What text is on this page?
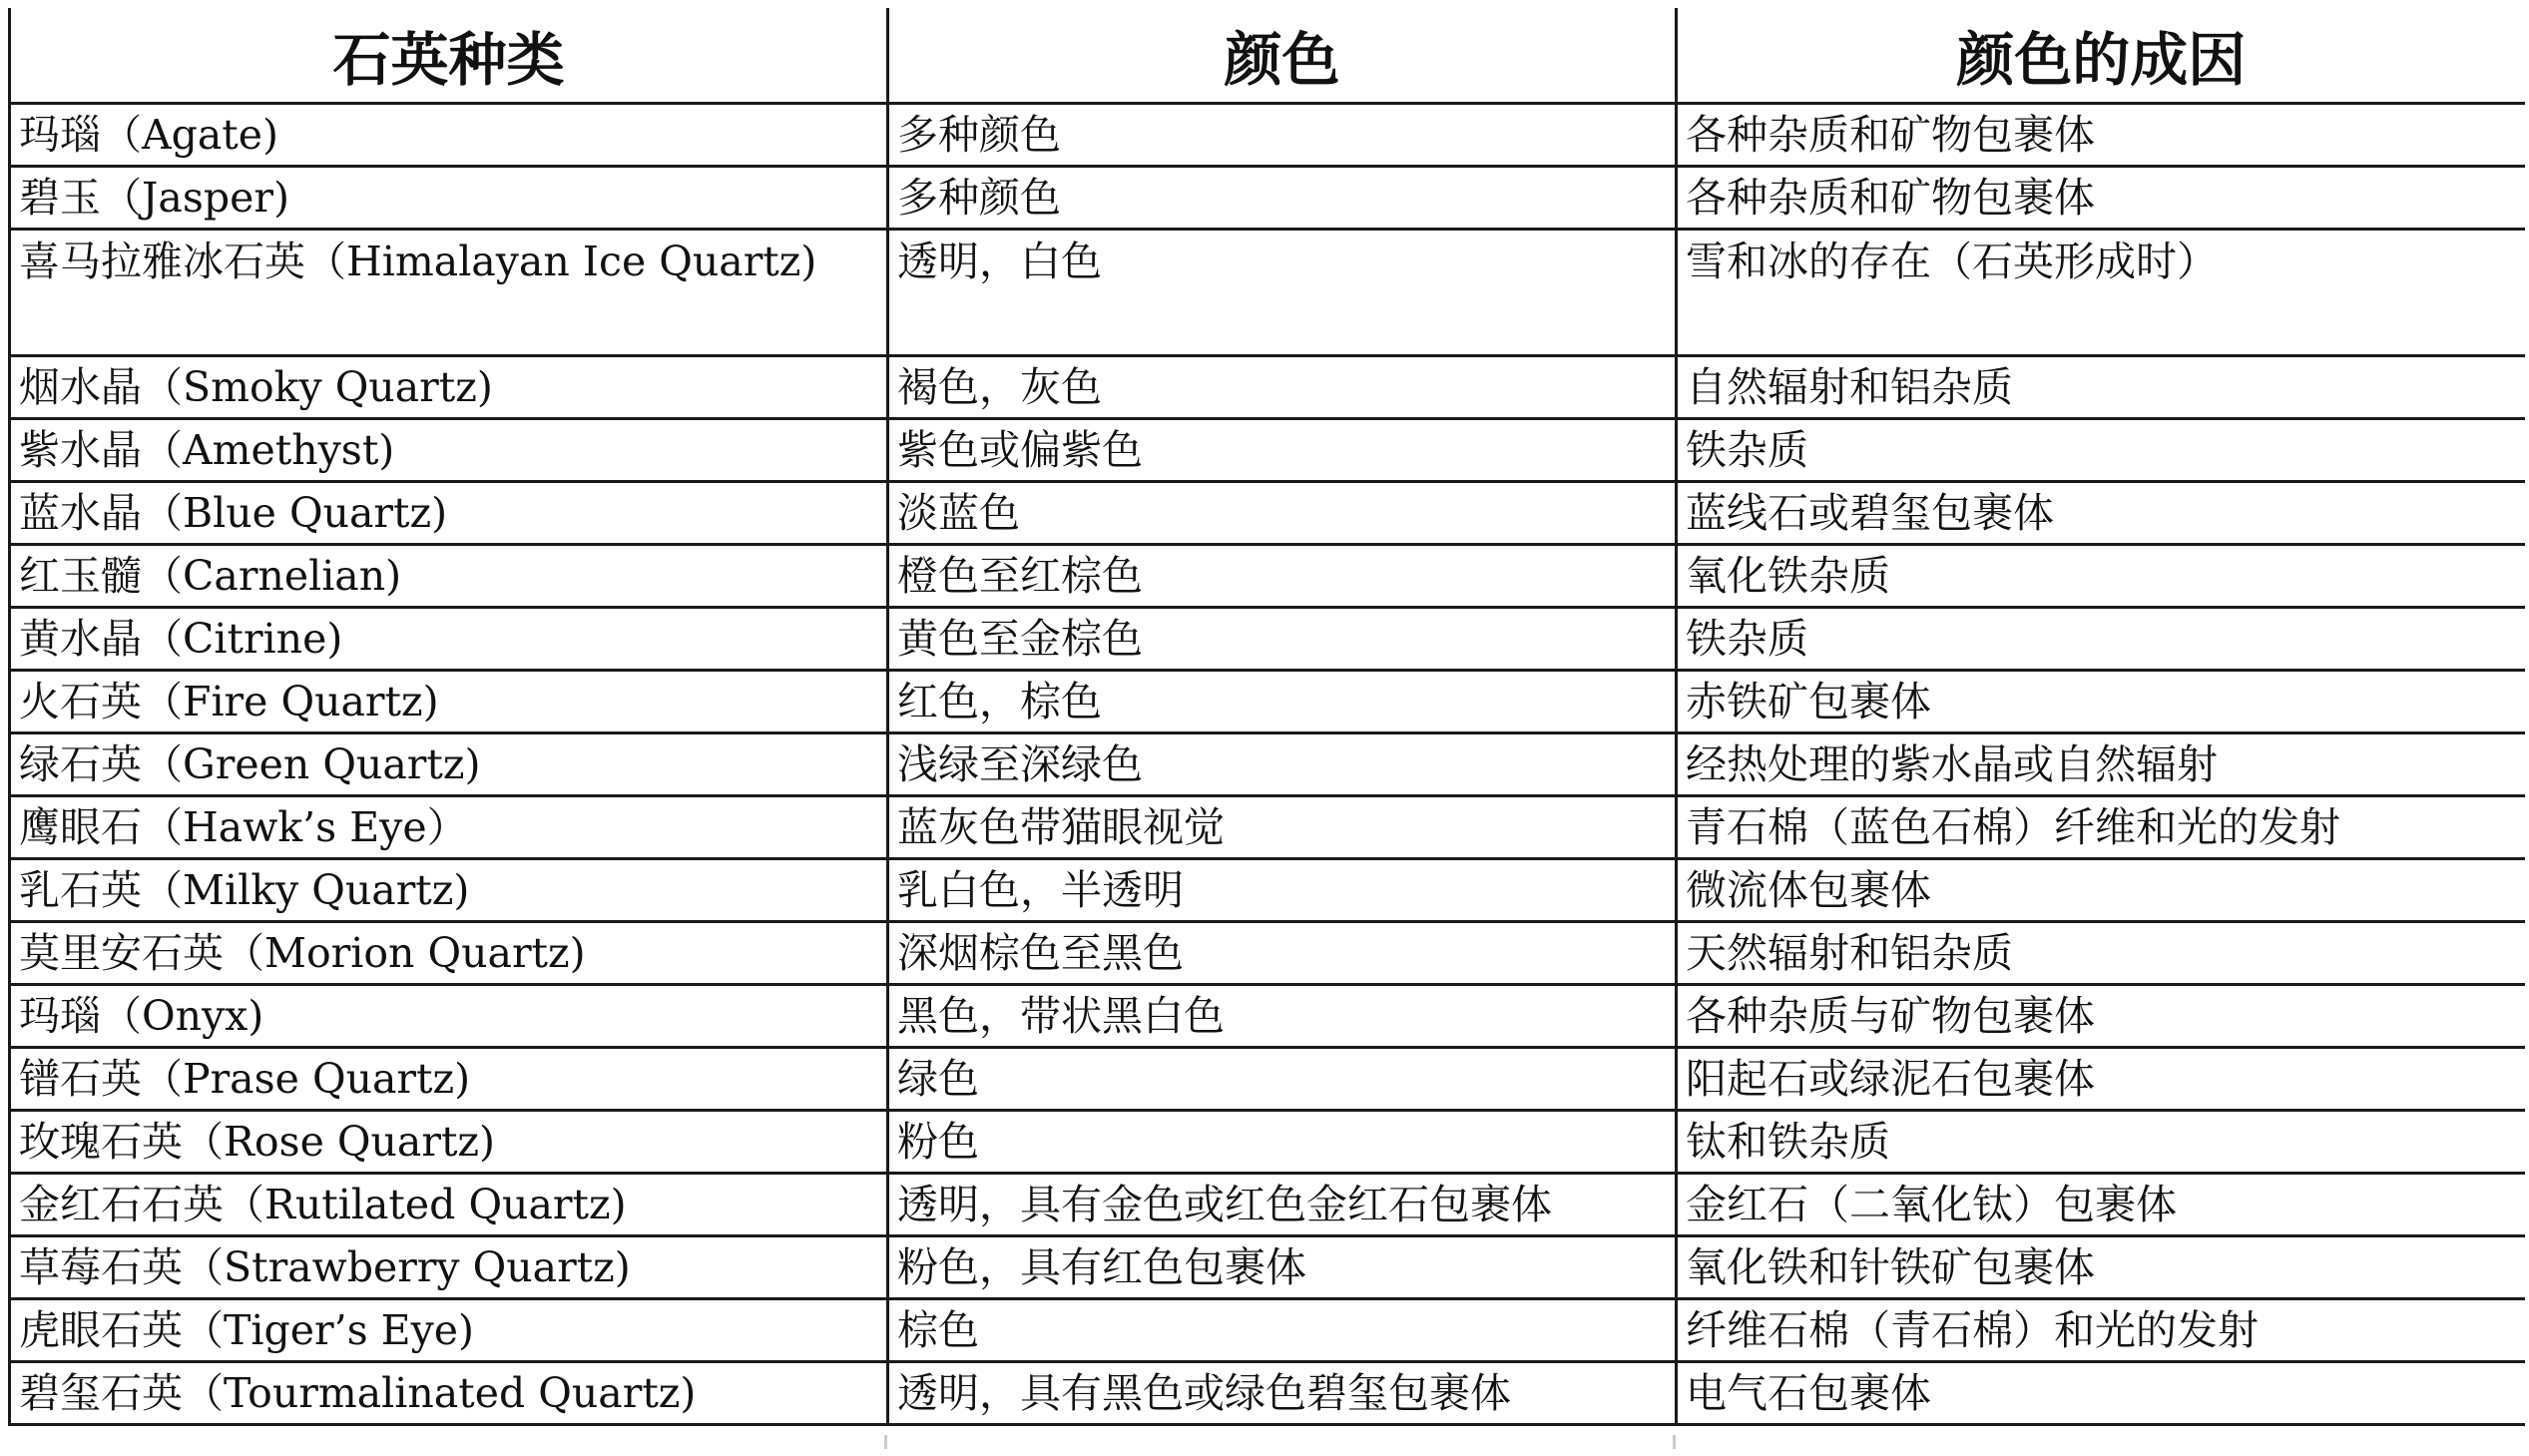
石英种类	颜色	颜色的成因
玛瑙（Agate)	多种颜色	各种杂质和矿物包裹体
碧玉（Jasper)	多种颜色	各种杂质和矿物包裹体
喜马拉雅冰石英（Himalayan Ice Quartz)	透明，白色	雪和冰的存在（石英形成时）
烟水晶（Smoky Quartz)	褐色，灰色	自然辐射和铝杂质
紫水晶（Amethyst)	紫色或偏紫色	铁杂质
蓝水晶（Blue Quartz)	淡蓝色	蓝线石或碧玺包裹体
红玉髓（Carnelian)	橙色至红棕色	氧化铁杂质
黄水晶（Citrine)	黄色至金棕色	铁杂质
火石英（Fire Quartz)	红色，棕色	赤铁矿包裹体
绿石英（Green Quartz)	浅绿至深绿色	经热处理的紫水晶或自然辐射
鹰眼石（Hawk’s Eye）	蓝灰色带猫眼视觉	青石棉（蓝色石棉）纤维和光的发射
乳石英（Milky Quartz)	乳白色，半透明	微流体包裹体
莫里安石英（Morion Quartz)	深烟棕色至黑色	天然辐射和铝杂质
玛瑙（Onyx)	黑色，带状黑白色	各种杂质与矿物包裹体
镨石英（Prase Quartz)	绿色	阳起石或绿泥石包裹体
玫瑰石英（Rose Quartz)	粉色	钛和铁杂质
金红石石英（Rutilated Quartz)	透明，具有金色或红色金红石包裹体	金红石（二氧化钛）包裹体
草莓石英（Strawberry Quartz)	粉色，具有红色包裹体	氧化铁和针铁矿包裹体
虎眼石英（Tiger’s Eye)	棕色	纤维石棉（青石棉）和光的发射
碧玺石英（Tourmalinated Quartz)	透明，具有黑色或绿色碧玺包裹体	电气石包裹体
